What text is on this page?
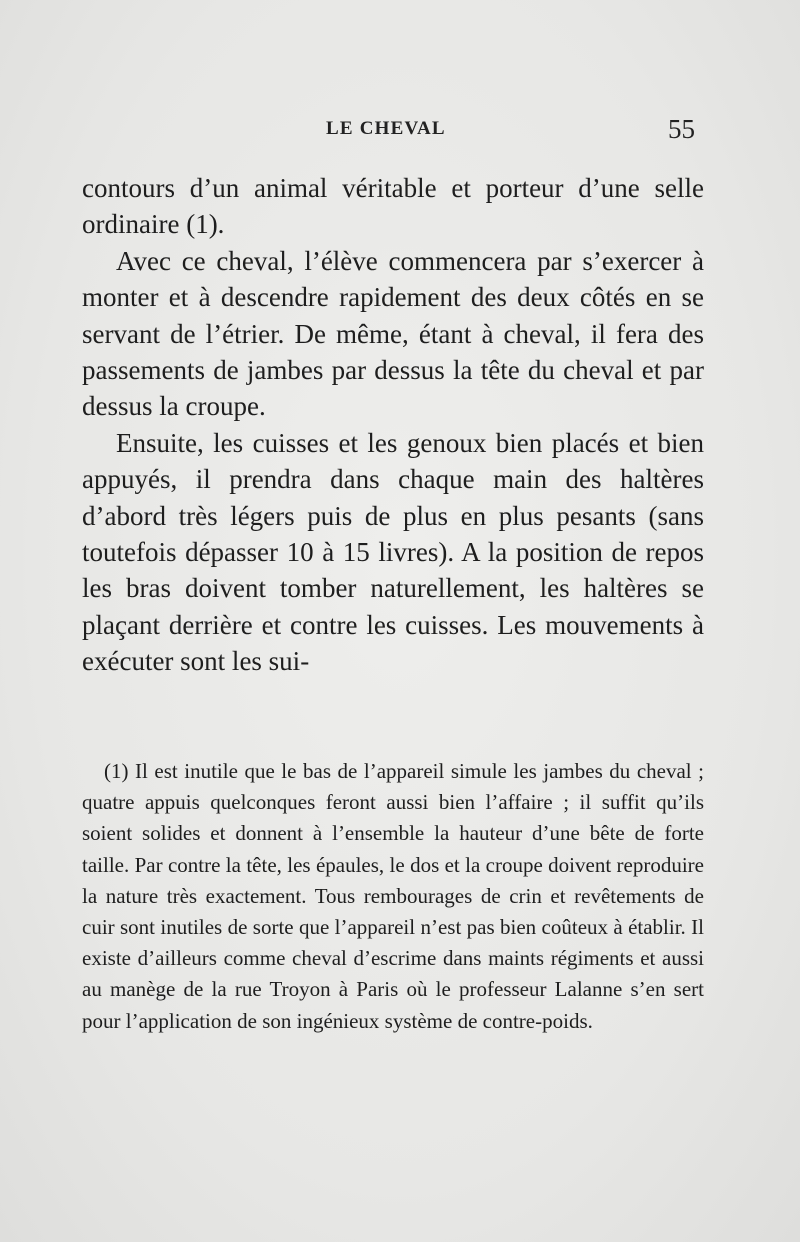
LE CHEVAL	55

contours d’un animal véritable et porteur d’une selle ordinaire (1).

Avec ce cheval, l’élève commencera par s’exercer à monter et à descendre rapidement des deux côtés en se servant de l’étrier. De même, étant à cheval, il fera des passements de jambes par dessus la tête du cheval et par dessus la croupe.

Ensuite, les cuisses et les genoux bien placés et bien appuyés, il prendra dans chaque main des haltères d’abord très légers puis de plus en plus pesants (sans toutefois dépasser 10 à 15 livres). A la position de repos les bras doivent tomber naturellement, les haltères se plaçant derrière et contre les cuisses. Les mouvements à exécuter sont les sui-

(1) Il est inutile que le bas de l’appareil simule les jambes du cheval ; quatre appuis quelconques feront aussi bien l’affaire ; il suffit qu’ils soient solides et donnent à l’ensemble la hauteur d’une bête de forte taille. Par contre la tête, les épaules, le dos et la croupe doivent reproduire la nature très exactement. Tous rembourages de crin et revêtements de cuir sont inutiles de sorte que l’appareil n’est pas bien coûteux à établir. Il existe d’ailleurs comme cheval d’escrime dans maints régiments et aussi au manège de la rue Troyon à Paris où le professeur Lalanne s’en sert pour l’application de son ingénieux système de contre-poids.
